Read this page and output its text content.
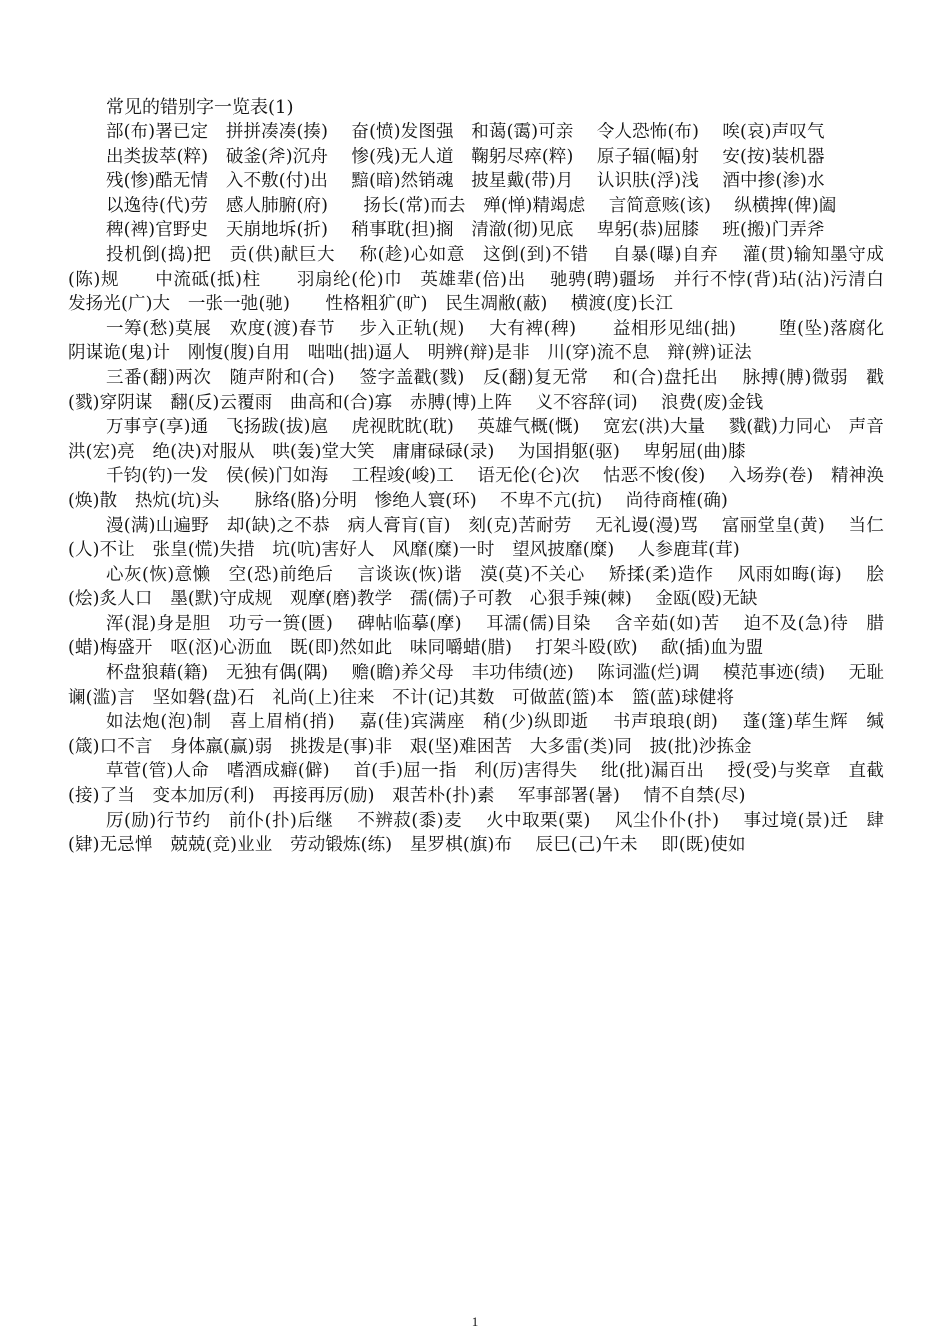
常见的错别字一览表(1)

部(布)署已定　拼拼凑凑(揍)　 奋(愤)发图强　和蔼(霭)可亲　 令人恐怖(布)　 唉(哀)声叹气

出类拔萃(粹)　破釜(斧)沉舟　 惨(残)无人道　鞠躬尽瘁(粹)　 原子辐(幅)射　 安(按)装机器

残(惨)酷无情　入不敷(付)出　 黯(暗)然销魂　披星戴(带)月　 认识肤(浮)浅　 酒中掺(渗)水

以逸待(代)劳　感人肺腑(府)　　扬长(常)而去　殚(惮)精竭虑　 言简意赅(该)　 纵横捭(俾)阖

稗(裨)官野史　天崩地坼(折)　 稍事耽(担)搁　清澈(彻)见底　 卑躬(恭)屈膝　 班(搬)门弄斧

投机倒(捣)把　贡(供)献巨大　 称(趁)心如意　这倒(到)不错　 自暴(曝)自弃　 灌(贯)输知墨守成(陈)规　　中流砥(抵)柱　　羽扇纶(伦)巾　英雄辈(倍)出　 驰骋(聘)疆场　并行不悖(背)玷(沾)污清白　发扬光(广)大　一张一弛(驰)　　性格粗犷(旷)　民生凋敝(蔽)　 横渡(度)长江

一筹(愁)莫展　欢度(渡)春节　 步入正轨(规)　 大有裨(稗)　　益相形见绌(拙)　　 堕(坠)落腐化　 阴谋诡(鬼)计　刚愎(腹)自用　咄咄(拙)逼人　明辨(辩)是非　川(穿)流不息　辩(辨)证法

三番(翻)两次　随声附和(合)　 签字盖戳(戮)　反(翻)复无常　 和(合)盘托出　 脉搏(膊)微弱　戳(戮)穿阴谋　翻(反)云覆雨　曲高和(合)寡　赤膊(博)上阵　 义不容辞(词)　 浪费(废)金钱

万事亨(享)通　飞扬跋(拔)扈　 虎视眈眈(耽)　 英雄气概(慨)　 宽宏(洪)大量　 戮(戳)力同心　声音洪(宏)亮　绝(决)对服从　哄(轰)堂大笑　庸庸碌碌(录)　 为国捐躯(驱)　 卑躬屈(曲)膝

千钧(钓)一发　侯(候)门如海　 工程竣(峻)工　 语无伦(仑)次　 怙恶不悛(俊)　 入场券(卷)　精神涣(焕)散　热炕(坑)头　　脉络(胳)分明　惨绝人寰(环)　 不卑不亢(抗)　 尚待商榷(确)

漫(满)山遍野　却(缺)之不恭　病人膏肓(盲)　刻(克)苦耐劳　 无礼谩(漫)骂　 富丽堂皇(黄)　 当仁(人)不让　张皇(慌)失措　坑(吭)害好人　风靡(糜)一时　望风披靡(糜)　 人参鹿茸(茸)

心灰(恢)意懒　空(恐)前绝后　 言谈诙(恢)谐　漠(莫)不关心　 矫揉(柔)造作　 风雨如晦(诲)　 脍(烩)炙人口　墨(默)守成规　观摩(磨)教学　孺(儒)子可教　心狠手辣(棘)　 金瓯(殴)无缺

浑(混)身是胆　功亏一篑(匮)　 碑帖临摹(摩)　 耳濡(儒)目染　 含辛茹(如)苦　 迫不及(急)待　腊(蜡)梅盛开　呕(沤)心沥血　既(即)然如此　味同嚼蜡(腊)　 打架斗殴(欧)　 歃(插)血为盟

杯盘狼藉(籍)　无独有偶(隅)　 赡(瞻)养父母　丰功伟绩(迹)　 陈词滥(烂)调　 模范事迹(绩)　 无耻谰(滥)言　坚如磐(盘)石　礼尚(上)往来　不计(记)其数　可做蓝(篮)本　篮(蓝)球健将

如法炮(泡)制　喜上眉梢(捎)　 嘉(佳)宾满座　稍(少)纵即逝　 书声琅琅(朗)　 蓬(篷)荜生辉　缄(箴)口不言　身体羸(赢)弱　挑拨是(事)非　艰(坚)难困苦　大多雷(类)同　披(批)沙拣金

草菅(管)人命　嗜酒成癖(僻)　 首(手)屈一指　利(厉)害得失　 纰(批)漏百出　 授(受)与奖章　直截(接)了当　变本加厉(利)　再接再厉(励)　艰苦朴(扑)素　 军事部署(暑)　 情不自禁(尽)

厉(励)行节约　前仆(扑)后继　 不辨菽(黍)麦　 火中取栗(粟)　 风尘仆仆(扑)　 事过境(景)迁　肆(肄)无忌惮　兢兢(竞)业业　劳动锻炼(练)　星罗棋(旗)布　 辰巳(己)午未　 即(既)使如

1
